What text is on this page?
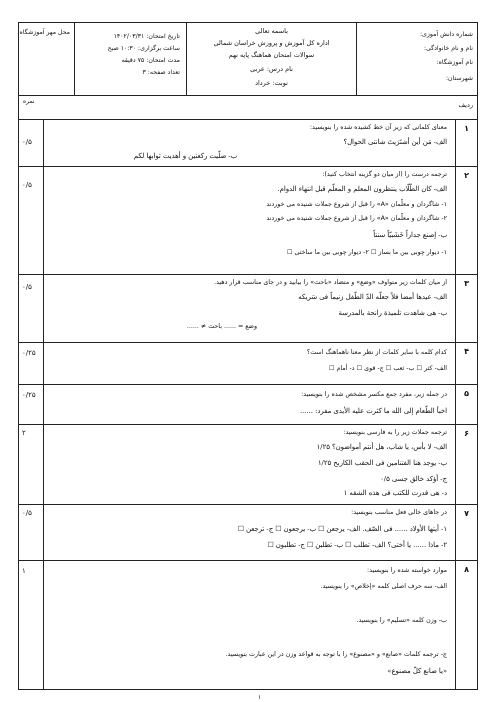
محل مهر آموزشگاه
تاریخ امتحان: ۱۴۰۲/۰۳/۳۱
ساعت برگزاری: ۱۰:۳۰ صبح
مدت امتحان: ۷۵ دقیقه
تعداد صفحه: ۳
باسمه تعالی
اداره کل آموزش و پرورش خراسان شمالی
سوالات امتحان هماهنگ پایه نهم
نام درس: عربی
نوبت: خرداد
شماره دانش آموزی:
نام و نام خانوادگی:
نام آموزشگاه:
شهرستان:
ردیف
نمره
۰/۵
۱
معنای کلماتی که زیر آن خط کشیده شده را بنویسید:
الف- مَن أین أشتَرَیتَ شانتی الحوال؟
ب- صلّیت رکعتین و أهدیت ثوابها لکم
۰/۵
۲
ترجمه درست را (از میان دو گزینه انتخاب کنید):
الف- کان الطّلّاب ینتظرون المعلم و المعلّم قبل انتهاء الدوام.
۱- شاگردان و معلّمان «A» را قبل از شروع جملات شنیده می خوردند
۲- شاگردان و معلّمان «A» را قبل از شروع جملات شنیده می خوردند
ب- إصنع جداراً خَشَبیّاً سنتاً
۱- دیوار چوبی بین ما بساز ☐ ۲- دیوار چوبی بین ما ساختی ☐
۰/۵	۳
از میان کلمات زیر متواوف «وضع» و متضاد «باحث» را بیابید و در جای مناسب قرار دهید.
الف- عیدها أمضا فلاً جعلّه الدّ الطّفل زنیماً فی سَریکه
ب- هی شاهدت تلمیذة رانحة بالمدرسة
وضع = ...... باحث ≠ ......
۰/۲۵	۴
کدام کلمه با سایر کلمات از نظر معنا ناهماهنگ است؟
الف- کثر ☐ ب- ثعب ☐ ج- قوی ☐ د- أمام ☐
۰/۲۵	۵
در جمله زیر، مفرد جمع مکسر مشخص شده را بنویسید:
اخبأ الطّعام إلی الله ما کثرت علیه الأیدی مفرد: ......
۲	۶
ترجمه جملات زیر را به فارسی بنویسید:
الف- لا بأس، یا شاب، هل أنتم أمواضون؟ ۱/۲۵
ب- یوجد هنا الفتنامین فی الحقب الکاربح ۱/۲۵
ج- أؤکد خالق جسی ۰/۵
د- هی قدرت للکتب فی هذه الشقه ۱
۰/۵	۷
در جاهای خالی فعل مناسب بنویسید:
۱- أیتها الأولاد ...... فی الصّف. الف- یرجعن ☐ ب- یرجعون ☐ ج- ترجعن ☐
۲- ماذا ...... یا أختی؟ الف- تطلب ☐ ب- تطلبن ☐ ج- تطلبون ☐
۱	۸
موارد خواسته شده را بنویسید:
الف- سه حرف اصلی کلمه «إخلاص» را بنویسید.
ب- وزن کلمه «تسلیم» را بنویسید.
ج- ترجمه کلمات «صانع» و «مصنوع» را با توجه به قواعد وزن در این عبارت بنویسید.
«یا صانع کلّ مصنوع»
۱
